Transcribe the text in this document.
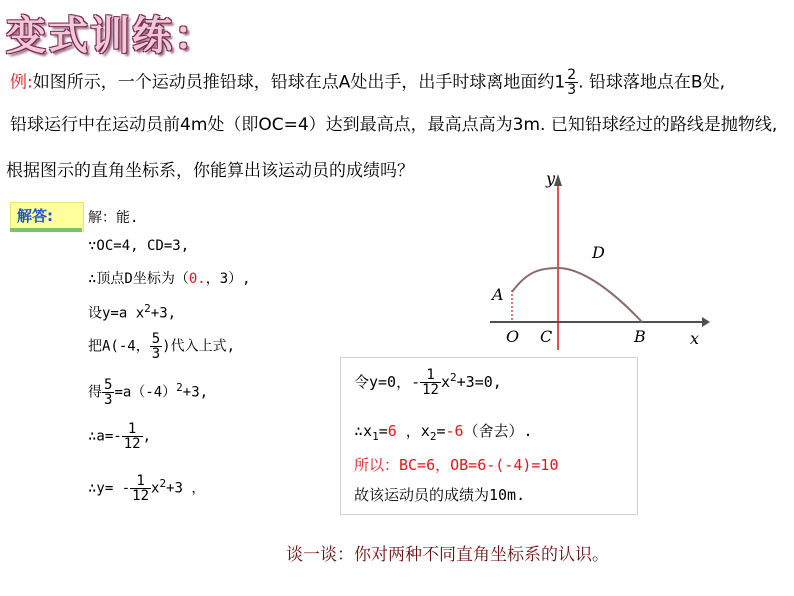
变式训练：
例:如图所示，一个运动员推铅球，铅球在点A处出手，出手时球离地面约$1 \frac{2}{3}$ . 铅球落地点在B处,
铅球运行中在运动员前4m处（即OC=4）达到最高点，最高点高为3m. 已知铅球经过的路线是抛物线,
根据图示的直角坐标系，你能算出该运动员的成绩吗？	y
x
A
O C	B
D
解答:	解：能.
∵OC=4, CD=3,
∴顶点D坐标为（0.，3）,
设y=a $x^2+3$,
把A(-4， $\frac{5}{3}$ )代入上式,
得 $\frac{5}{3} =a(-4)^2+3$,
∴a=- $\frac{1}{12}$ ,
∴y= - $\frac{1}{12} x^2+3$ ，
令y=0，- $\frac{1}{12} x^2+3=0$,
$\therefore x_1=6$ ，$x_2=-6$（舍去）.
所以：BC=6，OB=6-(-4)=10
故该运动员的成绩为10m.
谈一谈：你对两种不同直角坐标系的认识。
